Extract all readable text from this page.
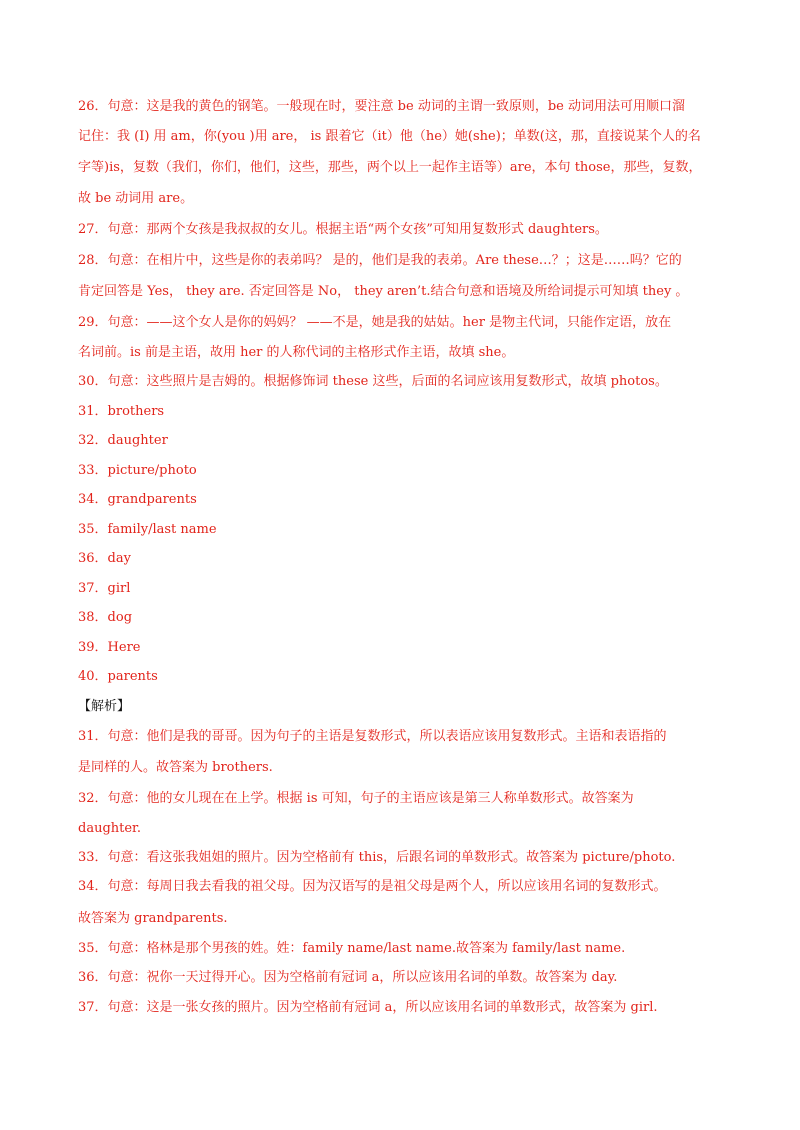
26．句意：这是我的黄色的钢笔。一般现在时，要注意 be 动词的主谓一致原则，be 动词用法可用顺口溜
记住：我 (I) 用 am，你(you )用 are， is 跟着它（it）他（he）她(she)；单数(这，那，直接说某个人的名
字等)is，复数（我们，你们，他们，这些，那些，两个以上一起作主语等）are，本句 those，那些，复数，
故 be 动词用 are。
27．句意：那两个女孩是我叔叔的女儿。根据主语“两个女孩”可知用复数形式 daughters。
28．句意：在相片中，这些是你的表弟吗？ 是的，他们是我的表弟。Are these…？；这是……吗？它的
肯定回答是 Yes， they are. 否定回答是 No， they aren’t.结合句意和语境及所给词提示可知填 they 。
29．句意：——这个女人是你的妈妈？ ——不是，她是我的姑姑。her 是物主代词，只能作定语，放在
名词前。is 前是主语，故用 her 的人称代词的主格形式作主语，故填 she。
30．句意：这些照片是吉姆的。根据修饰词 these 这些，后面的名词应该用复数形式，故填 photos。
31．brothers
32．daughter
33．picture/photo
34．grandparents
35．family/last name
36．day
37．girl
38．dog
39．Here
40．parents
【解析】
31．句意：他们是我的哥哥。因为句子的主语是复数形式，所以表语应该用复数形式。主语和表语指的
是同样的人。故答案为 brothers.
32．句意：他的女儿现在在上学。根据 is 可知，句子的主语应该是第三人称单数形式。故答案为
daughter.
33．句意：看这张我姐姐的照片。因为空格前有 this，后跟名词的单数形式。故答案为 picture/photo.
34．句意：每周日我去看我的祖父母。因为汉语写的是祖父母是两个人，所以应该用名词的复数形式。
故答案为 grandparents.
35．句意：格林是那个男孩的姓。姓：family name/last name.故答案为 family/last name.
36．句意：祝你一天过得开心。因为空格前有冠词 a，所以应该用名词的单数。故答案为 day.
37．句意：这是一张女孩的照片。因为空格前有冠词 a，所以应该用名词的单数形式，故答案为 girl.
